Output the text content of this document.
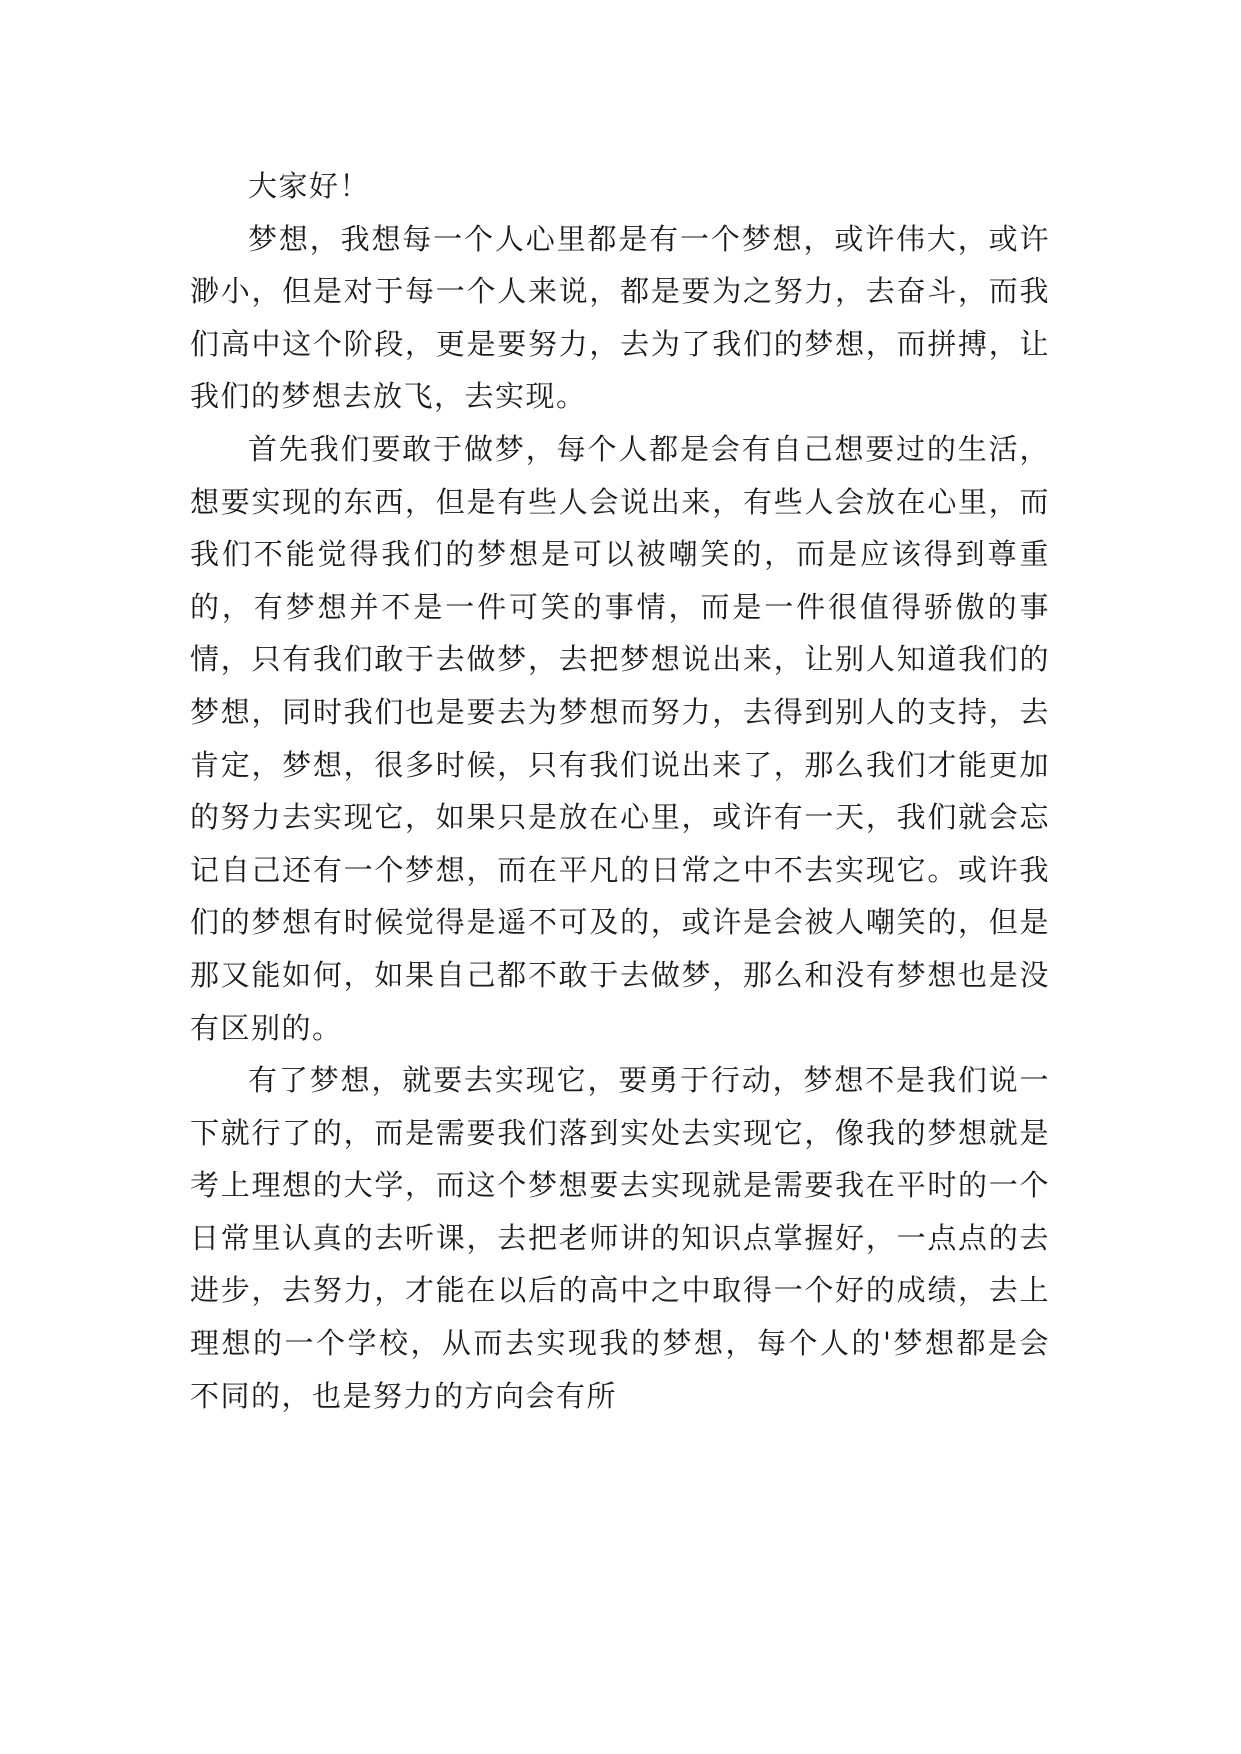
大家好！

梦想，我想每一个人心里都是有一个梦想，或许伟大，或许渺小，但是对于每一个人来说，都是要为之努力，去奋斗，而我们高中这个阶段，更是要努力，去为了我们的梦想，而拼搏，让我们的梦想去放飞，去实现。

首先我们要敢于做梦，每个人都是会有自己想要过的生活，想要实现的东西，但是有些人会说出来，有些人会放在心里，而我们不能觉得我们的梦想是可以被嘲笑的，而是应该得到尊重的，有梦想并不是一件可笑的事情，而是一件很值得骄傲的事情，只有我们敢于去做梦，去把梦想说出来，让别人知道我们的梦想，同时我们也是要去为梦想而努力，去得到别人的支持，去肯定，梦想，很多时候，只有我们说出来了，那么我们才能更加的努力去实现它，如果只是放在心里，或许有一天，我们就会忘记自己还有一个梦想，而在平凡的日常之中不去实现它。或许我们的梦想有时候觉得是遥不可及的，或许是会被人嘲笑的，但是那又能如何，如果自己都不敢于去做梦，那么和没有梦想也是没有区别的。

有了梦想，就要去实现它，要勇于行动，梦想不是我们说一下就行了的，而是需要我们落到实处去实现它，像我的梦想就是考上理想的大学，而这个梦想要去实现就是需要我在平时的一个日常里认真的去听课，去把老师讲的知识点掌握好，一点点的去进步，去努力，才能在以后的高中之中取得一个好的成绩，去上理想的一个学校，从而去实现我的梦想，每个人的'梦想都是会不同的，也是努力的方向会有所
